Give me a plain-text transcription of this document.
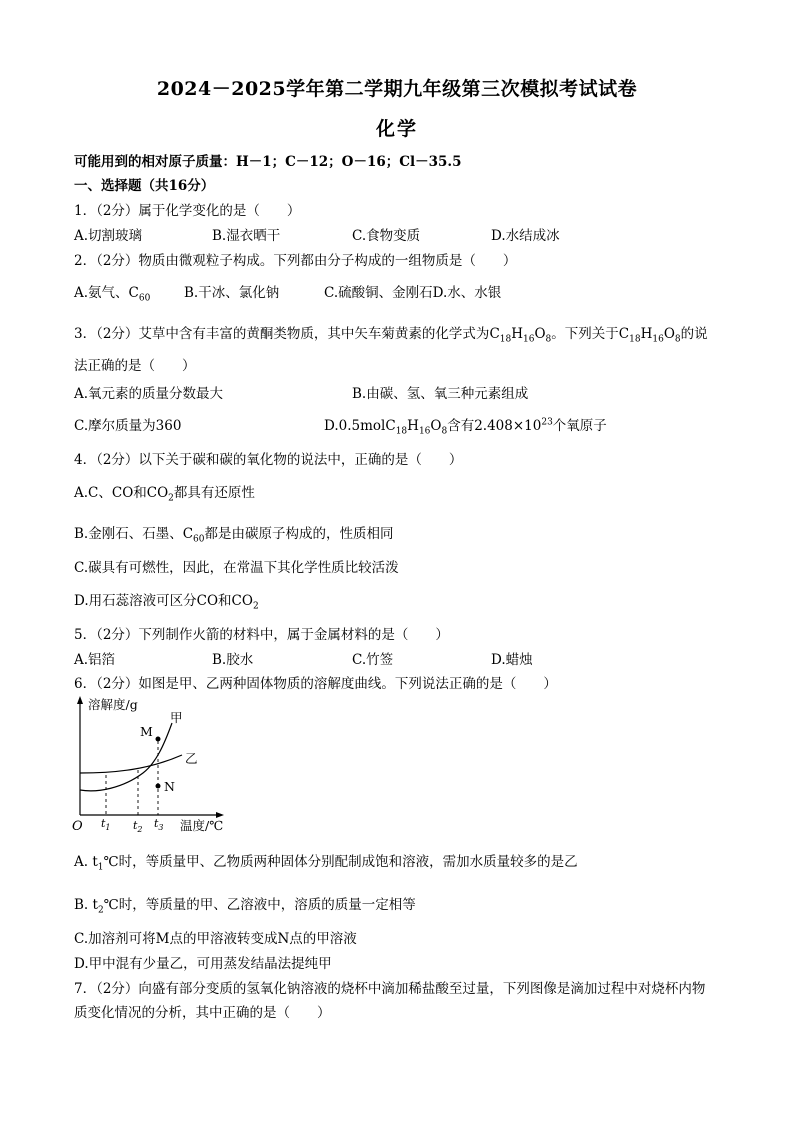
2024－2025学年第二学期九年级第三次模拟考试试卷
化学
可能用到的相对原子质量：H－1；C－12；O－16；Cl－35.5
一、选择题（共16分）
1．（2分）属于化学变化的是（　　）
A.切割玻璃	B.湿衣晒干	C.食物变质	D.水结成冰
2．（2分）物质由微观粒子构成。下列都由分子构成的一组物质是（　　）
A.氨气、$C_{60}$ B.干冰、氯化钠	C.硫酸铜、金刚石D.水、水银
3．（2分）艾草中含有丰富的黄酮类物质，其中矢车菊黄素的化学式为$C_{18}H_{16}O_8$。下列关于$C_{18}H_{16}O_8$的说
法正确的是（　　）
A.氧元素的质量分数最大	B.由碳、氢、氧三种元素组成
C.摩尔质量为360	$D.0.5molC_{18}H_{16}O_8$含有$2.408\times 10^{23}$个氧原子
4．（2分）以下关于碳和碳的氧化物的说法中，正确的是（　　）
A.C、CO和$CO_2$都具有还原性
B.金刚石、石墨、$C_{60}$都是由碳原子构成的，性质相同
C.碳具有可燃性，因此，在常温下其化学性质比较活泼
D.用石蕊溶液可区分CO和$CO_2$
5．（2分）下列制作火箭的材料中，属于金属材料的是（　　）
A.铝箔	B.胶水	C.竹签	D.蜡烛
6．（2分）如图是甲、乙两种固体物质的溶解度曲线。下列说法正确的是（　　）
溶解度/g
O	温度/℃
M
N
甲
乙
$t_1$ $t_2$ $t_3$
A. $t_1℃$时，等质量甲、乙物质两种固体分别配制成饱和溶液，需加水质量较多的是乙
B. $t_2℃$时，等质量的甲、乙溶液中，溶质的质量一定相等
C.加溶剂可将M点的甲溶液转变成N点的甲溶液
D.甲中混有少量乙，可用蒸发结晶法提纯甲
7．（2分）向盛有部分变质的氢氧化钠溶液的烧杯中滴加稀盐酸至过量，下列图像是滴加过程中对烧杯内物
质变化情况的分析，其中正确的是（　　）
